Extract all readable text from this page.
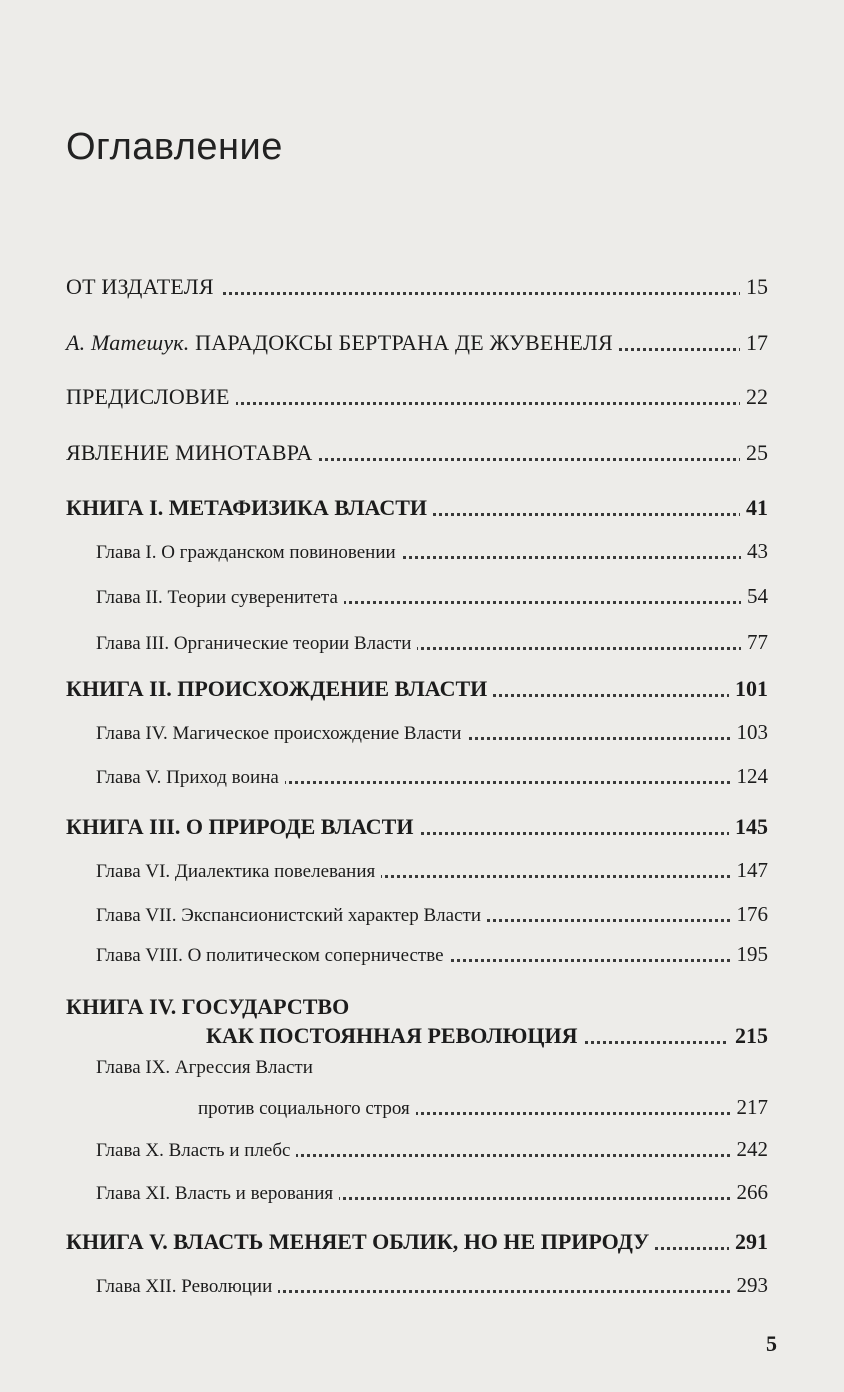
Оглавление
ОТ ИЗДАТЕЛЯ	15
А. Матешук. ПАРАДОКСЫ БЕРТРАНА ДЕ ЖУВЕНЕЛЯ	17
ПРЕДИСЛОВИЕ	22
ЯВЛЕНИЕ МИНОТАВРА	25
КНИГА I. МЕТАФИЗИКА ВЛАСТИ	41
Глава I. О гражданском повиновении	43
Глава II. Теории суверенитета	54
Глава III. Органические теории Власти	77
КНИГА II. ПРОИСХОЖДЕНИЕ ВЛАСТИ	101
Глава IV. Магическое происхождение Власти	103
Глава V. Приход воина	124
КНИГА III. О ПРИРОДЕ ВЛАСТИ	145
Глава VI. Диалектика повелевания	147
Глава VII. Экспансионистский характер Власти	176
Глава VIII. О политическом соперничестве	195
КНИГА IV. ГОСУДАРСТВО
КАК ПОСТОЯННАЯ РЕВОЛЮЦИЯ	215
Глава IX. Агрессия Власти
против социального строя	217
Глава X. Власть и плебс	242
Глава XI. Власть и верования	266
КНИГА V. ВЛАСТЬ МЕНЯЕТ ОБЛИК, НО НЕ ПРИРОДУ	291
Глава XII. Революции	293
5
